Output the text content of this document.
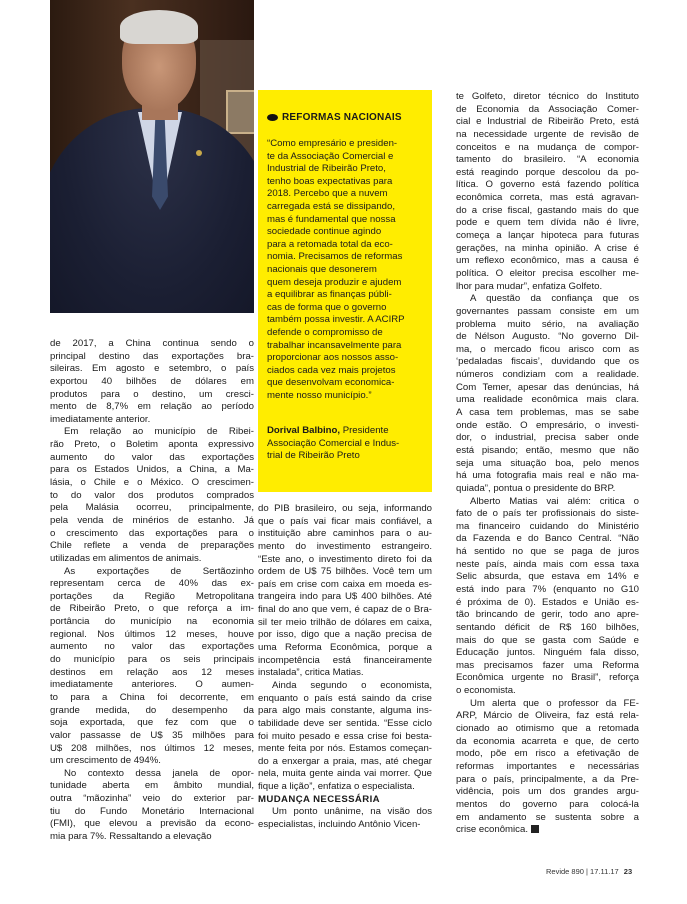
REFORMAS NACIONAIS
“Como empresário e presiden-
te da Associação Comercial e
Industrial de Ribeirão Preto,
tenho boas expectativas para
2018. Percebo que a nuvem
carregada está se dissipando,
mas é fundamental que nossa
sociedade continue agindo
para a retomada total da eco-
nomia. Precisamos de reformas
nacionais que desonerem
quem deseja produzir e ajudem
a equilibrar as finanças públi-
cas de forma que o governo
também possa investir. A ACIRP
defende o compromisso de
trabalhar incansavelmente para
proporcionar aos nossos asso-
ciados cada vez mais projetos
que desenvolvam economica-
mente nosso município.”
Dorival Balbino, Presidente
Associação Comercial e Indus-
trial de Ribeirão Preto

de 2017, a China continua sendo o
principal destino das exportações bra-
sileiras. Em agosto e setembro, o país
exportou 40 bilhões de dólares em
produtos para o destino, um cresci-
mento de 8,7% em relação ao período
imediatamente anterior.

Em relação ao município de Ribei-
rão Preto, o Boletim aponta expressivo
aumento do valor das exportações
para os Estados Unidos, a China, a Ma-
lásia, o Chile e o México. O crescimen-
to do valor dos produtos comprados
pela Malásia ocorreu, principalmente,
pela venda de minérios de estanho. Já
o crescimento das exportações para o
Chile reflete a venda de preparações
utilizadas em alimentos de animais.

As exportações de Sertãozinho
representam cerca de 40% das ex-
portações da Região Metropolitana
de Ribeirão Preto, o que reforça a im-
portância do município na economia
regional. Nos últimos 12 meses, houve
aumento no valor das exportações
do município para os seis principais
destinos em relação aos 12 meses
imediatamente anteriores. O aumen-
to para a China foi decorrente, em
grande medida, do desempenho da
soja exportada, que fez com que o
valor passasse de U$ 35 milhões para
U$ 208 milhões, nos últimos 12 meses,
um crescimento de 494%.

No contexto dessa janela de opor-
tunidade aberta em âmbito mundial,
outra “mãozinha” veio do exterior par-
tiu do Fundo Monetário Internacional
(FMI), que elevou a previsão da econo-
mia para 7%. Ressaltando a elevação

do PIB brasileiro, ou seja, informando
que o país vai ficar mais confiável, a
instituição abre caminhos para o au-
mento do investimento estrangeiro.
“Este ano, o investimento direto foi da
ordem de U$ 75 bilhões. Você tem um
país em crise com caixa em moeda es-
trangeira indo para U$ 400 bilhões. Até
final do ano que vem, é capaz de o Bra-
sil ter meio trilhão de dólares em caixa,
por isso, digo que a nação precisa de
uma Reforma Econômica, porque a
incompetência está financeiramente
instalada”, critica Matias.

Ainda segundo o economista,
enquanto o país está saindo da crise
para algo mais constante, alguma ins-
tabilidade deve ser sentida. “Esse ciclo
foi muito pesado e essa crise foi bestа-
mente feita por nós. Estamos começan-
do a enxergar a praia, mas, até chegar
nela, muita gente ainda vai morrer. Que
fique a lição”, enfatiza o especialista.

MUDANÇA NECESSÁRIA

Um ponto unânime, na visão dos
especialistas, incluindo Antônio Vicen-

te Golfeto, diretor técnico do Instituto
de Economia da Associação Comer-
cial e Industrial de Ribeirão Preto, está
na necessidade urgente de revisão de
conceitos e na mudança de compor-
tamento do brasileiro. “A economia
está reagindo porque descolou da po-
lítica. O governo está fazendo política
econômica correta, mas está agravan-
do a crise fiscal, gastando mais do que
pode e quem tem dívida não é livre,
começa a lançar hipoteca para futuras
gerações, na minha opinião. A crise é
um reflexo econômico, mas a causa é
política. O eleitor precisa escolher me-
lhor para mudar”, enfatiza Golfeto.

A questão da confiança que os
governantes passam consiste em um
problema muito sério, na avaliação
de Nélson Augusto. “No governo Dil-
ma, o mercado ficou arisco com as
‘pedaladas fiscais’, duvidando que os
números condiziam com a realidade.
Com Temer, apesar das denúncias, há
uma realidade econômica mais clara.
A casa tem problemas, mas se sabe
onde estão. O empresário, o investi-
dor, o industrial, precisa saber onde
está pisando; então, mesmo que não
seja uma situação boa, pelo menos
há uma fotografia mais real e não ma-
quiada”, pontua o presidente do BRP.

Alberto Matias vai além: critica o
fato de o país ter profissionais do siste-
ma financeiro cuidando do Ministério
da Fazenda e do Banco Central. “Não
há sentido no que se paga de juros
neste país, ainda mais com essa taxa
Selic absurda, que estava em 14% e
está indo para 7% (enquanto no G10
é próxima de 0). Estados e União es-
tão brincando de gerir, todo ano apre-
sentando déficit de R$ 160 bilhões,
mais do que se gasta com Saúde e
Educação juntos. Ninguém fala disso,
mas precisamos fazer uma Reforma
Econômica urgente no Brasil”, reforça
o economista.

Um alerta que o professor da FE-
ARP, Márcio de Oliveira, faz está rela-
cionado ao otimismo que a retomada
da economia acarreta e que, de certo
modo, põe em risco a efetivação de
reformas importantes e necessárias
para o país, principalmente, a da Pre-
vidência, pois um dos grandes argu-
mentos do governo para colocá-la
em andamento se sustenta sobre a
crise econômica.

Revide 890 | 17.11.17 23
